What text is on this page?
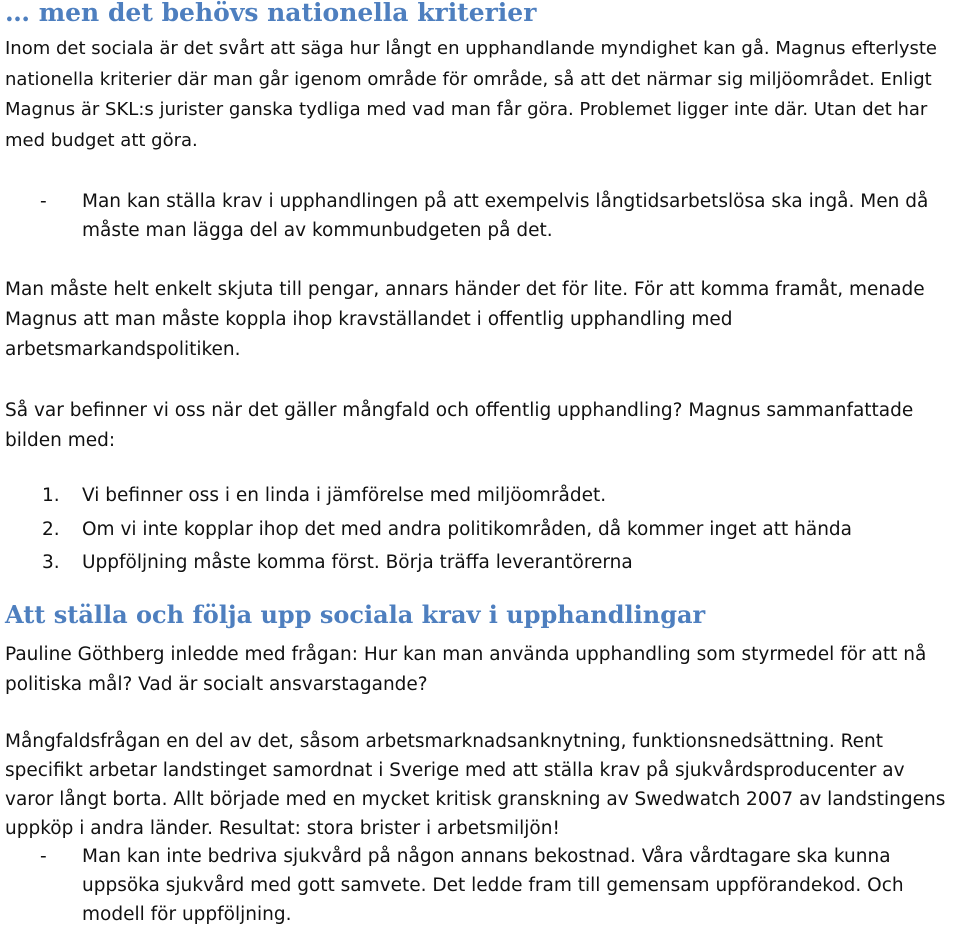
… men det behövs nationella kriterier

Inom det sociala är det svårt att säga hur långt en upphandlande myndighet kan gå. Magnus efterlyste nationella kriterier där man går igenom område för område, så att det närmar sig miljöområdet. Enligt Magnus är SKL:s jurister ganska tydliga med vad man får göra. Problemet ligger inte där. Utan det har med budget att göra.

- Man kan ställa krav i upphandlingen på att exempelvis långtidsarbetslösa ska ingå. Men då måste man lägga del av kommunbudgeten på det.

Man måste helt enkelt skjuta till pengar, annars händer det för lite. För att komma framåt, menade Magnus att man måste koppla ihop kravställandet i offentlig upphandling med arbetsmarkandspolitiken.

Så var befinner vi oss när det gäller mångfald och offentlig upphandling? Magnus sammanfattade bilden med:

1. Vi befinner oss i en linda i jämförelse med miljöområdet.
2. Om vi inte kopplar ihop det med andra politikområden, då kommer inget att hända
3. Uppföljning måste komma först. Börja träffa leverantörerna
Att ställa och följa upp sociala krav i upphandlingar

Pauline Göthberg inledde med frågan: Hur kan man använda upphandling som styrmedel för att nå politiska mål? Vad är socialt ansvarstagande?

Mångfaldsfrågan en del av det, såsom arbetsmarknadsanknytning, funktionsnedsättning. Rent specifikt arbetar landstinget samordnat i Sverige med att ställa krav på sjukvårdsproducenter av varor långt borta. Allt började med en mycket kritisk granskning av Swedwatch 2007 av landstingens uppköp i andra länder. Resultat: stora brister i arbetsmiljön!

- Man kan inte bedriva sjukvård på någon annans bekostnad. Våra vårdtagare ska kunna uppsöka sjukvård med gott samvete. Det ledde fram till gemensam uppförandekod. Och modell för uppföljning.
